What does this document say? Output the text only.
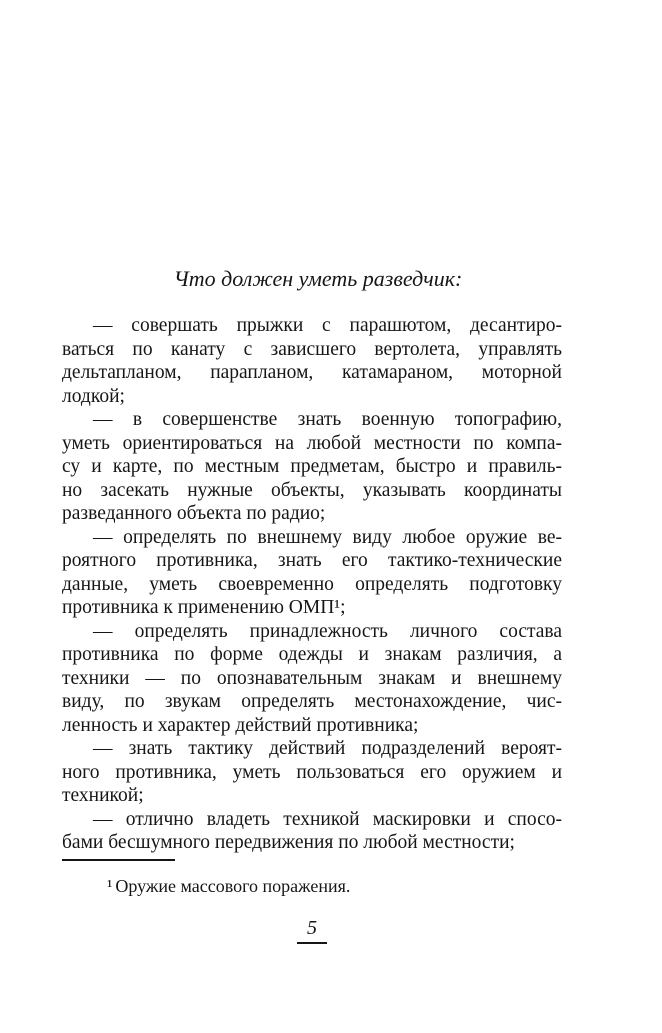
Что должен уметь разведчик:
— совершать прыжки с парашютом, десантиро-
ваться по канату с зависшего вертолета, управлять
дельтапланом, парапланом, катамараном, моторной
лодкой;
— в совершенстве знать военную топографию,
уметь ориентироваться на любой местности по компа-
су и карте, по местным предметам, быстро и правиль-
но засекать нужные объекты, указывать координаты
разведанного объекта по радио;
— определять по внешнему виду любое оружие ве-
роятного противника, знать его тактико-технические
данные, уметь своевременно определять подготовку
противника к применению ОМП¹;
— определять принадлежность личного состава
противника по форме одежды и знакам различия, а
техники — по опознавательным знакам и внешнему
виду, по звукам определять местонахождение, чис-
ленность и характер действий противника;
— знать тактику действий подразделений вероят-
ного противника, уметь пользоваться его оружием и
техникой;
— отлично владеть техникой маскировки и спосо-
бами бесшумного передвижения по любой местности;
¹ Оружие массового поражения.
5
